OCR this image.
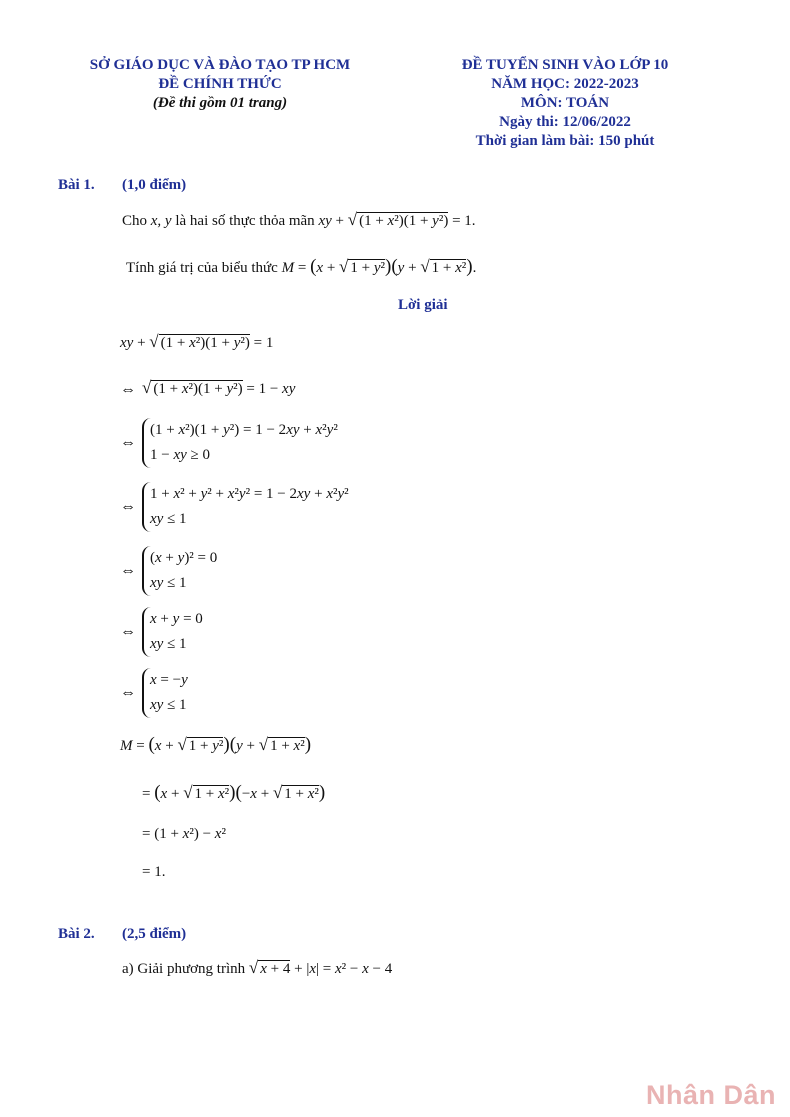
SỞ GIÁO DỤC VÀ ĐÀO TẠO TP HCM
ĐỀ CHÍNH THỨC
(Đề thi gồm 01 trang)
ĐỀ TUYỂN SINH VÀO LỚP 10
NĂM HỌC: 2022-2023
MÔN: TOÁN
Ngày thi: 12/06/2022
Thời gian làm bài: 150 phút
Bài 1. (1,0 điểm)
Cho x, y là hai số thực thỏa mãn xy + √ (1 + x²)(1 + y²) = 1.
Tính giá trị của biểu thức M = (x + √ 1 + y²)(y + √ 1 + x²).
Lời giải
xy + √ (1 + x²)(1 + y²) = 1
⇔ √ (1 + x²)(1 + y²) = 1 − xy
⇔(1 + x²)(1 + y²) = 1 − 2xy + x²y²
1 − xy ≥ 0
⇔1 + x² + y² + x²y² = 1 − 2xy + x²y²
xy ≤ 1
⇔(x + y)² = 0
xy ≤ 1
⇔x + y = 0
xy ≤ 1
⇔x = −y
xy ≤ 1
M = (x + √ 1 + y²)(y + √ 1 + x²)
= (x + √ 1 + x²)(−x + √ 1 + x²)
= (1 + x²) − x²
= 1.
Bài 2. (2,5 điểm)
a) Giải phương trình √ x + 4 + |x| = x² − x − 4
Nhân Dân
